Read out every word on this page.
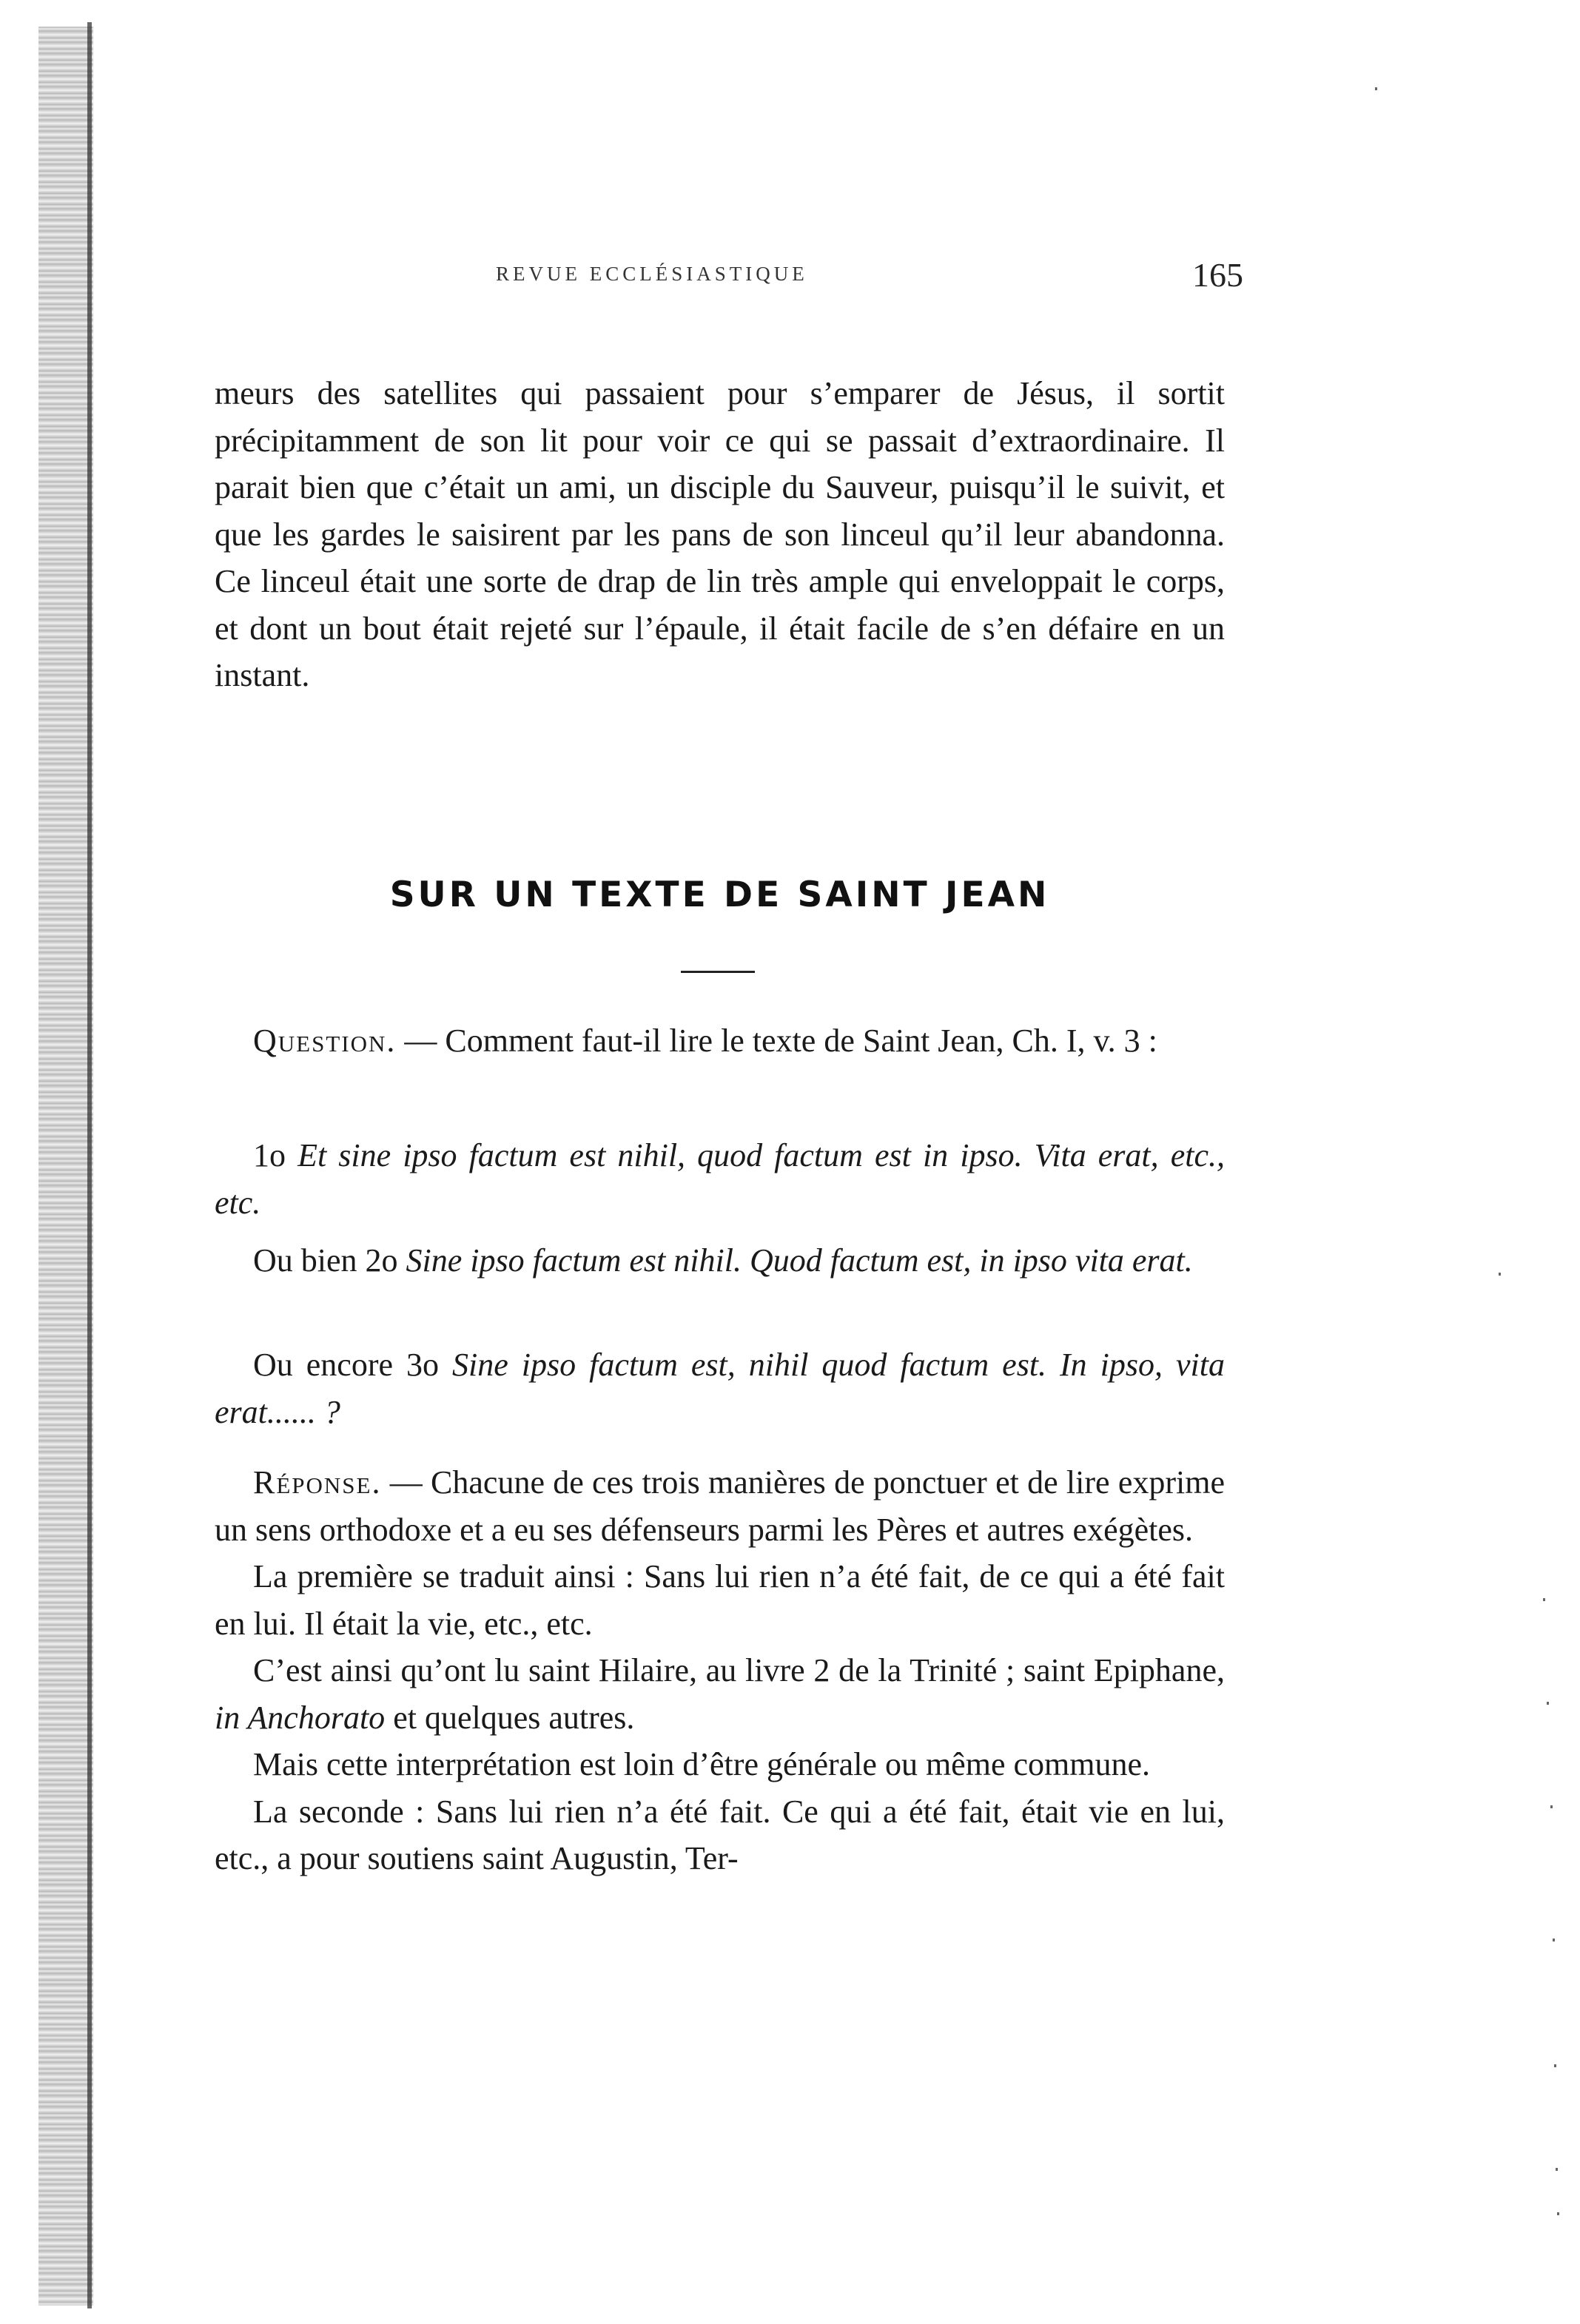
REVUE ECCLÉSIASTIQUE	165

meurs des satellites qui passaient pour s’emparer de Jésus, il sortit précipitamment de son lit pour voir ce qui se passait d’extraordinaire. Il parait bien que c’était un ami, un disciple du Sauveur, puisqu’il le suivit, et que les gardes le saisirent par les pans de son linceul qu’il leur abandonna. Ce linceul était une sorte de drap de lin très ample qui enveloppait le corps, et dont un bout était rejeté sur l’épaule, il était facile de s’en défaire en un instant.

SUR UN TEXTE DE SAINT JEAN

Question. — Comment faut-il lire le texte de Saint Jean, Ch. I, v. 3 :

1o Et sine ipso factum est nihil, quod factum est in ipso. Vita erat, etc., etc.

Ou bien 2o Sine ipso factum est nihil. Quod factum est, in ipso vita erat.

Ou encore 3o Sine ipso factum est, nihil quod factum est. In ipso, vita erat...... ?

Réponse. — Chacune de ces trois manières de ponctuer et de lire exprime un sens orthodoxe et a eu ses défenseurs parmi les Pères et autres exégètes.

La première se traduit ainsi : Sans lui rien n’a été fait, de ce qui a été fait en lui. Il était la vie, etc., etc.

C’est ainsi qu’ont lu saint Hilaire, au livre 2 de la Trinité ; saint Epiphane, in Anchorato et quelques autres.

Mais cette interprétation est loin d’être générale ou même commune.

La seconde : Sans lui rien n’a été fait. Ce qui a été fait, était vie en lui, etc., a pour soutiens saint Augustin, Ter-
